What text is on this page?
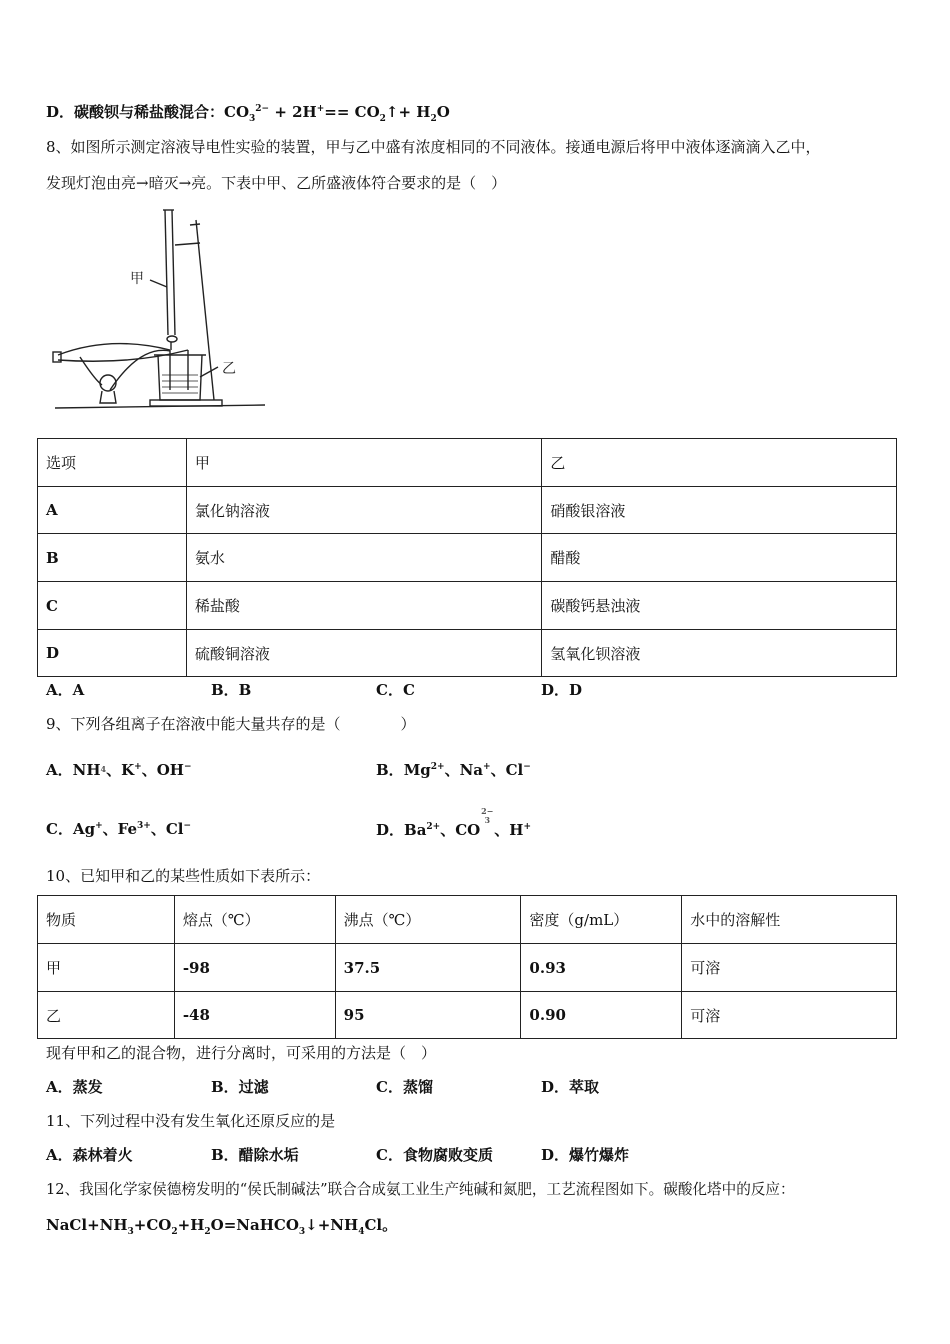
D．碳酸钡与稀盐酸混合：$CO_3^{2-} + 2H^+==$ $CO_2↑+ H_2O$
8、如图所示测定溶液导电性实验的装置，甲与乙中盛有浓度相同的不同液体。接通电源后将甲中液体逐滴滴入乙中，
发现灯泡由亮→暗灭→亮。下表中甲、乙所盛液体符合要求的是（　）
甲
乙
选项	甲	乙
A	氯化钠溶液	硝酸银溶液
B	氨水	醋酸
C	稀盐酸	碳酸钙悬浊液
D	硫酸铜溶液	氢氧化钡溶液
A．A	B．B	C．C	D．D
9、下列各组离子在溶液中能大量共存的是（　　　　）
A．$NH^4$、K+、OH−	B．$Mg^{2+}$、Na+、Cl−
C．Ag+、$Fe^{3+}$、Cl−	D．$Ba^{2+}$、CO2−
3、H+
10、已知甲和乙的某些性质如下表所示：
物质	熔点（℃）	沸点（℃）	密度（g/mL）	水中的溶解性
甲	-98	37.5	0.93	可溶
乙	-48	95	0.90	可溶
现有甲和乙的混合物，进行分离时，可采用的方法是（　）
A．蒸发	B．过滤	C．蒸馏	D．萃取
11、下列过程中没有发生氧化还原反应的是
A．森林着火	B．醋除水垢	C．食物腐败变质	D．爆竹爆炸
12、我国化学家侯德榜发明的“侯氏制碱法”联合合成氨工业生产纯碱和氮肥，工艺流程图如下。碳酸化塔中的反应：
$NaCl+NH_3+CO_2+H_2O=NaHCO_3↓+NH_4Cl$。
